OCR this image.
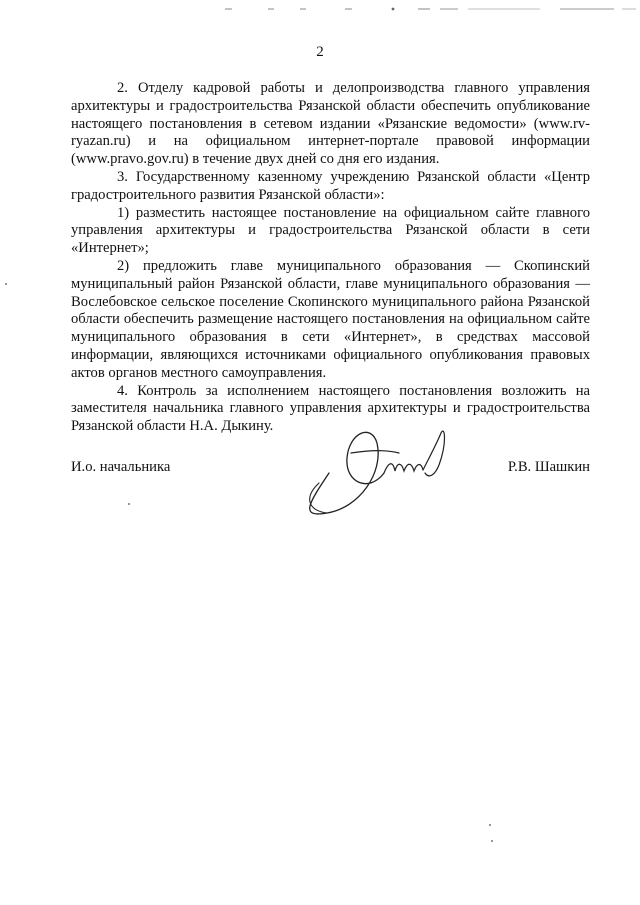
2

2. Отделу кадровой работы и делопроизводства главного управления архитектуры и градостроительства Рязанской области обеспечить опубликование настоящего постановления в сетевом издании «Рязанские ведомости» (www.rv-ryazan.ru) и на официальном интернет-портале правовой информации (www.pravo.gov.ru) в течение двух дней со дня его издания.

3. Государственному казенному учреждению Рязанской области «Центр градостроительного развития Рязанской области»:

1) разместить настоящее постановление на официальном сайте главного управления архитектуры и градостроительства Рязанской области в сети «Интернет»;

2) предложить главе муниципального образования — Скопинский муниципальный район Рязанской области, главе муниципального образования — Вослебовское сельское поселение Скопинского муниципального района Рязанской области обеспечить размещение настоящего постановления на официальном сайте муниципального образования в сети «Интернет», в средствах массовой информации, являющихся источниками официального опубликования правовых актов органов местного самоуправления.

4. Контроль за исполнением настоящего постановления возложить на заместителя начальника главного управления архитектуры и градостроительства Рязанской области Н.А. Дыкину.

И.о. начальника	Р.В. Шашкин
